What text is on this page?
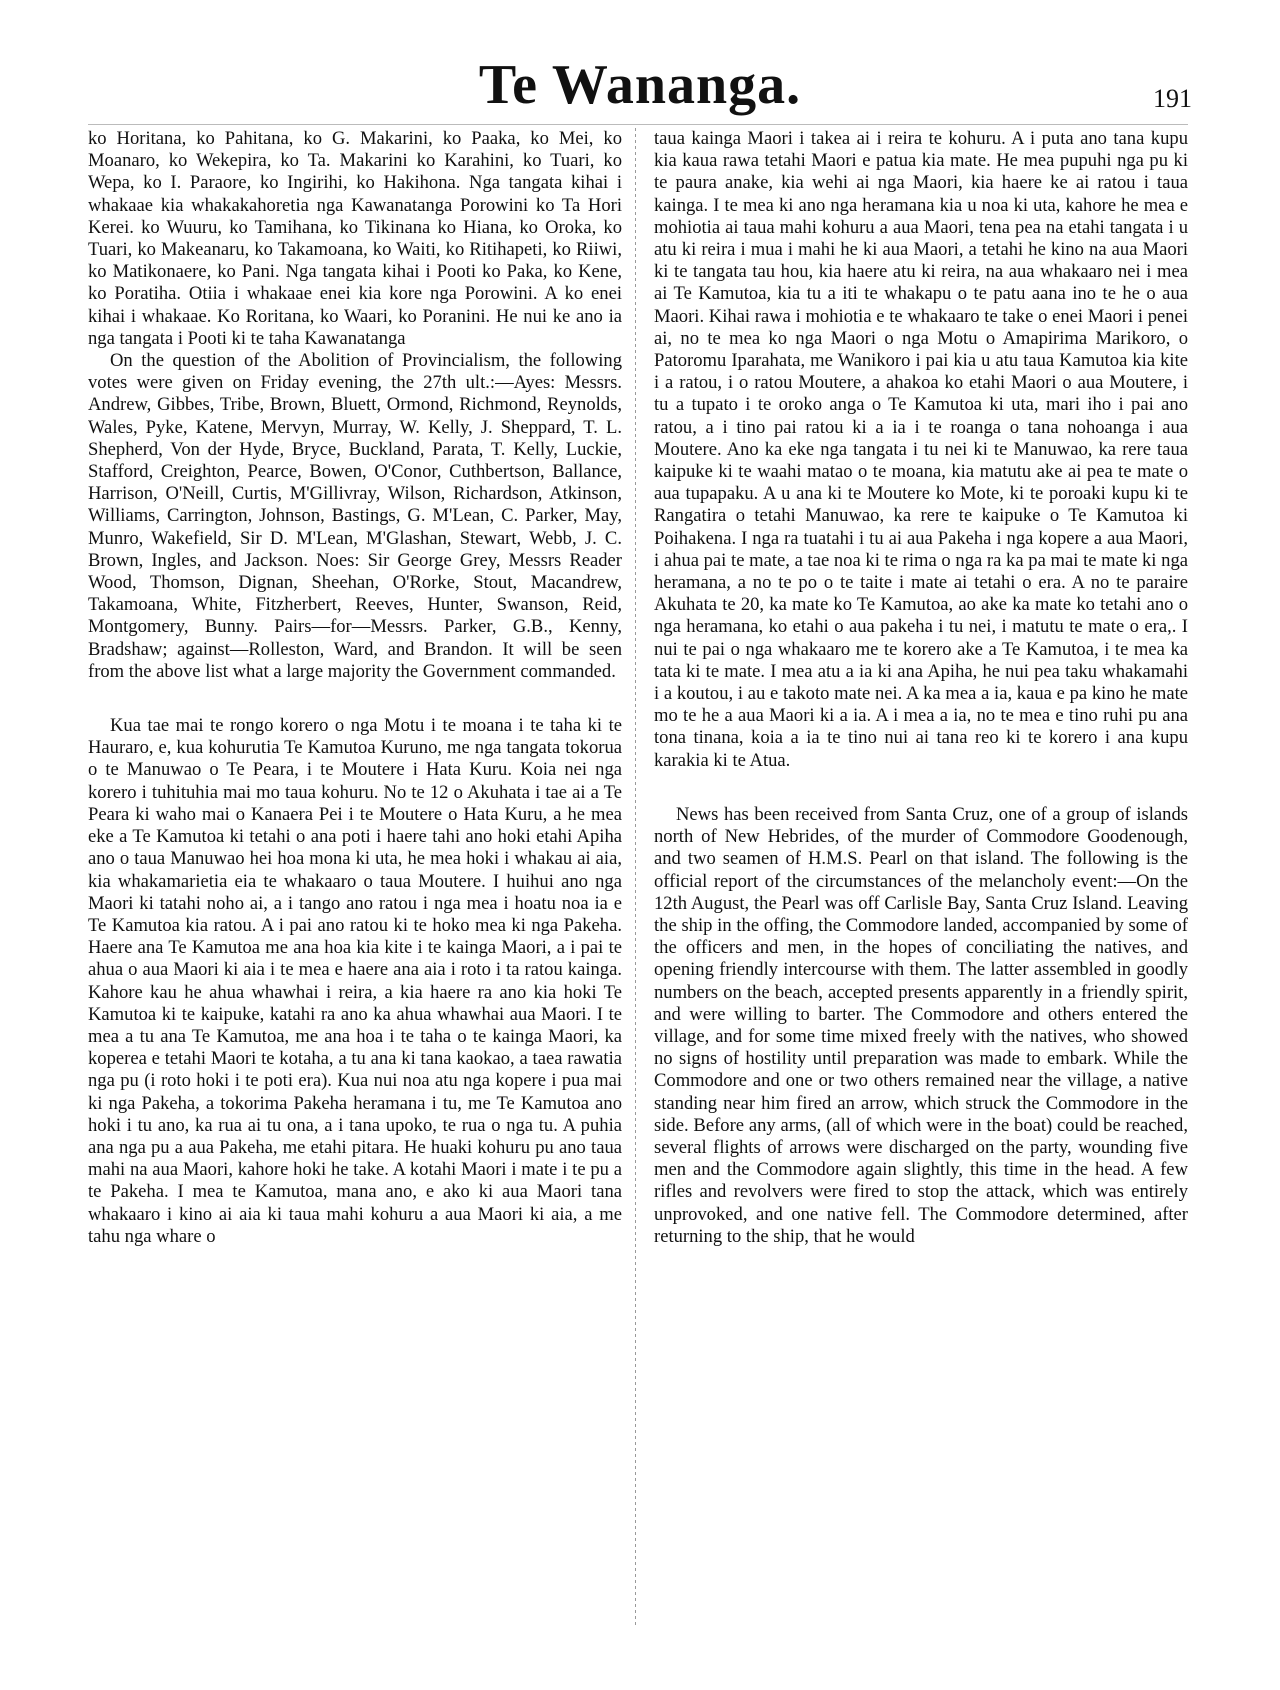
Te Wananga.	191

ko Horitana, ko Pahitana, ko G. Makarini, ko Paaka, ko Mei, ko Moanaro, ko Wekepira, ko Ta. Makarini ko Karahini, ko Tuari, ko Wepa, ko I. Paraore, ko Ingirihi, ko Hakihona. Nga tangata kihai i whakaae kia whakakahoretia nga Kawanatanga Porowini ko Ta Hori Kerei. ko Wuuru, ko Tamihana, ko Tikinana ko Hiana, ko Oroka, ko Tuari, ko Makeanaru, ko Takamoana, ko Waiti, ko Ritihapeti, ko Riiwi, ko Matikonaere, ko Pani. Nga tangata kihai i Pooti ko Paka, ko Kene, ko Poratiha. Otiia i whakaae enei kia kore nga Porowini. A ko enei kihai i whakaae. Ko Roritana, ko Waari, ko Poranini. He nui ke ano ia nga tangata i Pooti ki te taha Kawanatanga

On the question of the Abolition of Provincialism, the following votes were given on Friday evening, the 27th ult.:—Ayes: Messrs. Andrew, Gibbes, Tribe, Brown, Bluett, Ormond, Richmond, Reynolds, Wales, Pyke, Katene, Mervyn, Murray, W. Kelly, J. Sheppard, T. L. Shepherd, Von der Hyde, Bryce, Buckland, Parata, T. Kelly, Luckie, Stafford, Creighton, Pearce, Bowen, O'Conor, Cuthbertson, Ballance, Harrison, O'Neill, Curtis, M'Gillivray, Wilson, Richardson, Atkinson, Williams, Carrington, Johnson, Bastings, G. M'Lean, C. Parker, May, Munro, Wakefield, Sir D. M'Lean, M'Glashan, Stewart, Webb, J. C. Brown, Ingles, and Jackson. Noes: Sir George Grey, Messrs Reader Wood, Thomson, Dignan, Sheehan, O'Rorke, Stout, Macandrew, Takamoana, White, Fitzherbert, Reeves, Hunter, Swanson, Reid, Montgomery, Bunny. Pairs—for—Messrs. Parker, G.B., Kenny, Bradshaw; against—Rolleston, Ward, and Brandon. It will be seen from the above list what a large majority the Government commanded.

Kua tae mai te rongo korero o nga Motu i te moana i te taha ki te Hauraro, e, kua kohurutia Te Kamutoa Kuruno, me nga tangata tokorua o te Manuwao o Te Peara, i te Moutere i Hata Kuru. Koia nei nga korero i tuhituhia mai mo taua kohuru. No te 12 o Akuhata i tae ai a Te Peara ki waho mai o Kanaera Pei i te Moutere o Hata Kuru, a he mea eke a Te Kamutoa ki tetahi o ana poti i haere tahi ano hoki etahi Apiha ano o taua Manuwao hei hoa mona ki uta, he mea hoki i whakau ai aia, kia whakamarietia eia te whakaaro o taua Moutere. I huihui ano nga Maori ki tatahi noho ai, a i tango ano ratou i nga mea i hoatu noa ia e Te Kamutoa kia ratou. A i pai ano ratou ki te hoko mea ki nga Pakeha. Haere ana Te Kamutoa me ana hoa kia kite i te kainga Maori, a i pai te ahua o aua Maori ki aia i te mea e haere ana aia i roto i ta ratou kainga. Kahore kau he ahua whawhai i reira, a kia haere ra ano kia hoki Te Kamutoa ki te kaipuke, katahi ra ano ka ahua whawhai aua Maori. I te mea a tu ana Te Kamutoa, me ana hoa i te taha o te kainga Maori, ka koperea e tetahi Maori te kotaha, a tu ana ki tana kaokao, a taea rawatia nga pu (i roto hoki i te poti era). Kua nui noa atu nga kopere i pua mai ki nga Pakeha, a tokorima Pakeha heramana i tu, me Te Kamutoa ano hoki i tu ano, ka rua ai tu ona, a i tana upoko, te rua o nga tu. A puhia ana nga pu a aua Pakeha, me etahi pitara. He huaki kohuru pu ano taua mahi na aua Maori, kahore hoki he take. A kotahi Maori i mate i te pu a te Pakeha. I mea te Kamutoa, mana ano, e ako ki aua Maori tana whakaaro i kino ai aia ki taua mahi kohuru a aua Maori ki aia, a me tahu nga whare o

taua kainga Maori i takea ai i reira te kohuru. A i puta ano tana kupu kia kaua rawa tetahi Maori e patua kia mate. He mea pupuhi nga pu ki te paura anake, kia wehi ai nga Maori, kia haere ke ai ratou i taua kainga. I te mea ki ano nga heramana kia u noa ki uta, kahore he mea e mohiotia ai taua mahi kohuru a aua Maori, tena pea na etahi tangata i u atu ki reira i mua i mahi he ki aua Maori, a tetahi he kino na aua Maori ki te tangata tau hou, kia haere atu ki reira, na aua whakaaro nei i mea ai Te Kamutoa, kia tu a iti te whakapu o te patu aana ino te he o aua Maori. Kihai rawa i mohiotia e te whakaaro te take o enei Maori i penei ai, no te mea ko nga Maori o nga Motu o Amapirima Marikoro, o Patoromu Iparahata, me Wanikoro i pai kia u atu taua Kamutoa kia kite i a ratou, i o ratou Moutere, a ahakoa ko etahi Maori o aua Moutere, i tu a tupato i te oroko anga o Te Kamutoa ki uta, mari iho i pai ano ratou, a i tino pai ratou ki a ia i te roanga o tana nohoanga i aua Moutere. Ano ka eke nga tangata i tu nei ki te Manuwao, ka rere taua kaipuke ki te waahi matao o te moana, kia matutu ake ai pea te mate o aua tupapaku. A u ana ki te Moutere ko Mote, ki te poroaki kupu ki te Rangatira o tetahi Manuwao, ka rere te kaipuke o Te Kamutoa ki Poihakena. I nga ra tuatahi i tu ai aua Pakeha i nga kopere a aua Maori, i ahua pai te mate, a tae noa ki te rima o nga ra ka pa mai te mate ki nga heramana, a no te po o te taite i mate ai tetahi o era. A no te paraire Akuhata te 20, ka mate ko Te Kamutoa, ao ake ka mate ko tetahi ano o nga heramana, ko etahi o aua pakeha i tu nei, i matutu te mate o era,. I nui te pai o nga whakaaro me te korero ake a Te Kamutoa, i te mea ka tata ki te mate. I mea atu a ia ki ana Apiha, he nui pea taku whakamahi i a koutou, i au e takoto mate nei. A ka mea a ia, kaua e pa kino he mate mo te he a aua Maori ki a ia. A i mea a ia, no te mea e tino ruhi pu ana tona tinana, koia a ia te tino nui ai tana reo ki te korero i ana kupu karakia ki te Atua.

News has been received from Santa Cruz, one of a group of islands north of New Hebrides, of the murder of Commodore Goodenough, and two seamen of H.M.S. Pearl on that island. The following is the official report of the circumstances of the melancholy event:—On the 12th August, the Pearl was off Carlisle Bay, Santa Cruz Island. Leaving the ship in the offing, the Commodore landed, accompanied by some of the officers and men, in the hopes of conciliating the natives, and opening friendly intercourse with them. The latter assembled in goodly numbers on the beach, accepted presents apparently in a friendly spirit, and were willing to barter. The Commodore and others entered the village, and for some time mixed freely with the natives, who showed no signs of hostility until preparation was made to embark. While the Commodore and one or two others remained near the village, a native standing near him fired an arrow, which struck the Commodore in the side. Before any arms, (all of which were in the boat) could be reached, several flights of arrows were discharged on the party, wounding five men and the Commodore again slightly, this time in the head. A few rifles and revolvers were fired to stop the attack, which was entirely unprovoked, and one native fell. The Commodore determined, after returning to the ship, that he would
